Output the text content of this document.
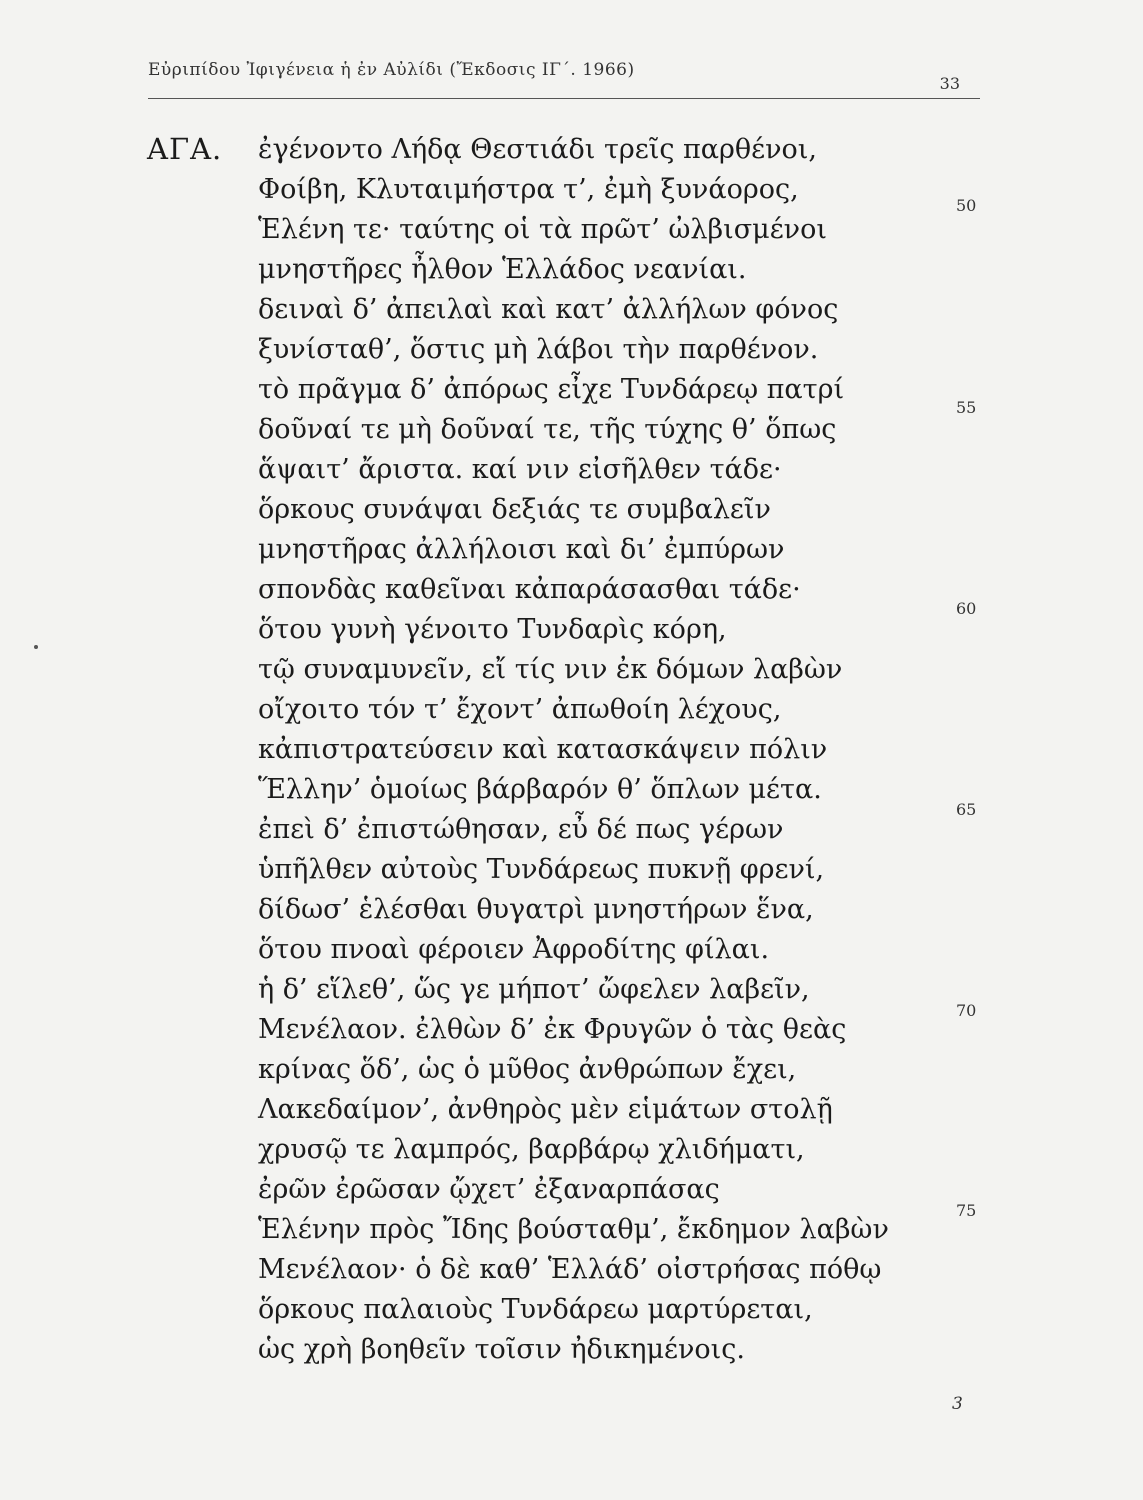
Εὐριπίδου Ἰφιγένεια ἡ ἐν Αὐλίδι (Ἔκδοσις ΙΓ΄. 1966)
33
ΑΓΑ. ἐγένοντο Λήδᾳ Θεστιάδι τρεῖς παρθένοι,
Φοίβη, Κλυταιμήστρα τ’, ἐμὴ ξυνάορος,
Ἑλένη τε· ταύτης οἱ τὰ πρῶτ’ ὠλβισμένοι
μνηστῆρες ἦλθον Ἑλλάδος νεανίαι.
δειναὶ δ’ ἀπειλαὶ καὶ κατ’ ἀλλήλων φόνος
ξυνίσταθ’, ὅστις μὴ λάβοι τὴν παρθένον.
τὸ πρᾶγμα δ’ ἀπόρως εἶχε Τυνδάρεῳ πατρί
δοῦναί τε μὴ δοῦναί τε, τῆς τύχης θ’ ὅπως
ἅψαιτ’ ἄριστα. καί νιν εἰσῆλθεν τάδε·
ὅρκους συνάψαι δεξιάς τε συμβαλεῖν
μνηστῆρας ἀλλήλοισι καὶ δι’ ἐμπύρων
σπονδὰς καθεῖναι κἀπαράσασθαι τάδε·
ὅτου γυνὴ γένοιτο Τυνδαρὶς κόρη,
τῷ συναμυνεῖν, εἴ τίς νιν ἐκ δόμων λαβὼν
οἴχοιτο τόν τ’ ἔχοντ’ ἀπωθοίη λέχους,
κἀπιστρατεύσειν καὶ κατασκάψειν πόλιν
Ἕλλην’ ὁμοίως βάρβαρόν θ’ ὅπλων μέτα.
ἐπεὶ δ’ ἐπιστώθησαν, εὖ δέ πως γέρων
ὑπῆλθεν αὐτοὺς Τυνδάρεως πυκνῇ φρενί,
δίδωσ’ ἑλέσθαι θυγατρὶ μνηστήρων ἕνα,
ὅτου πνοαὶ φέροιεν Ἀφροδίτης φίλαι.
ἡ δ’ εἵλεθ’, ὥς γε μήποτ’ ὤφελεν λαβεῖν,
Μενέλαον. ἐλθὼν δ’ ἐκ Φρυγῶν ὁ τὰς θεὰς
κρίνας ὅδ’, ὡς ὁ μῦθος ἀνθρώπων ἔχει,
Λακεδαίμον’, ἀνθηρὸς μὲν εἱμάτων στολῇ
χρυσῷ τε λαμπρός, βαρβάρῳ χλιδήματι,
ἐρῶν ἐρῶσαν ᾤχετ’ ἐξαναρπάσας
Ἑλένην πρὸς Ἴδης βούσταθμ’, ἔκδημον λαβὼν
Μενέλαον· ὁ δὲ καθ’ Ἑλλάδ’ οἰστρήσας πόθῳ
ὅρκους παλαιοὺς Τυνδάρεω μαρτύρεται,
ὡς χρὴ βοηθεῖν τοῖσιν ἠδικημένοις.
50
55
60
65
70
75
3
